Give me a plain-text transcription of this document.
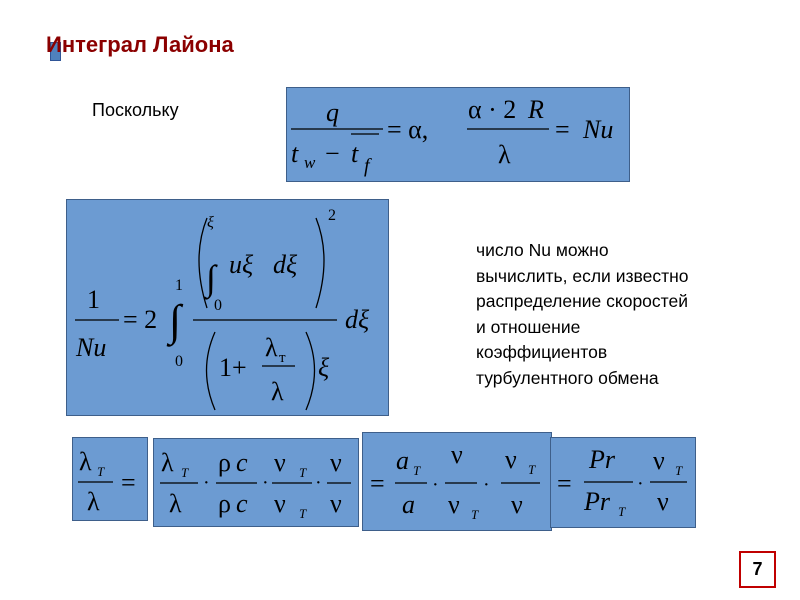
Интеграл Лайона
Поскольку	q
t w − t f
= α,
α · 2 R
λ
= Nu
1
Nu
= 2 ∫
1
0
ξ
∫
0
uξ dξ
2
1+
λ т
λ
ξ
dξ
λ T
λ
=
λ T
λ
·
ρ c
ρ c
·
ν T
ν T
·
ν
ν
=
a T
a
·
ν
ν T
·
ν T
ν
=
Pr
Pr T
·
ν T
ν
число Nu можно
вычислить, если известно
распределение скоростей
и отношение
коэффициентов
турбулентного обмена
7
